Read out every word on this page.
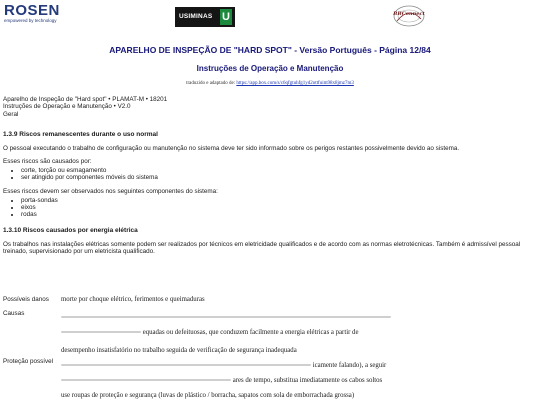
ROSEN
empowered by technology
USIMINAS U	BBConnect
APARELHO DE INSPEÇÃO DE "HARD SPOT" - Versão Português - Página 12/84
Instruções de Operação e Manutenção
traduzido e adaptado de: https://app.box.com/s/c6qfgtuhfg1yd2ottfuim98x8jmz7m3
Aparelho de Inspeção de "Hard spot" • PLAMAT-M • 18201
Instruções de Operação e Manutenção • V2.0
Geral
1.3.9 Riscos remanescentes durante o uso normal
O pessoal executando o trabalho de configuração ou manutenção no sistema deve ter sido informado sobre os perigos restantes possivelmente devido ao sistema.
Esses riscos são causados por:
• corte, torção ou esmagamento
• ser atingido por componentes móveis do sistema
Esses riscos devem ser observados nos seguintes componentes do sistema:
• porta-sondas
• eixos
• rodas
1.3.10 Riscos causados por energia elétrica
Os trabalhos nas instalações elétricas somente podem ser realizados por técnicos em eletricidade qualificados e de acordo com as normas eletrotécnicas. Também é admissível pessoal treinado, supervisionado por um eletricista qualificado.
Possíveis danos	morte por choque elétrico, ferimentos e queimaduras
Causas	equadas ou defeituosas, que conduzem facilmente a energia elétricas a partir de
desempenho insatisfatório no trabalho seguida de verificação de segurança inadequada

Proteção possível	icamente falando), a seguir
ares de tempo, substitua imediatamente os cabos soltos
use roupas de proteção e segurança (luvas de plástico / borracha, sapatos com sola de emborrachada grossa)
